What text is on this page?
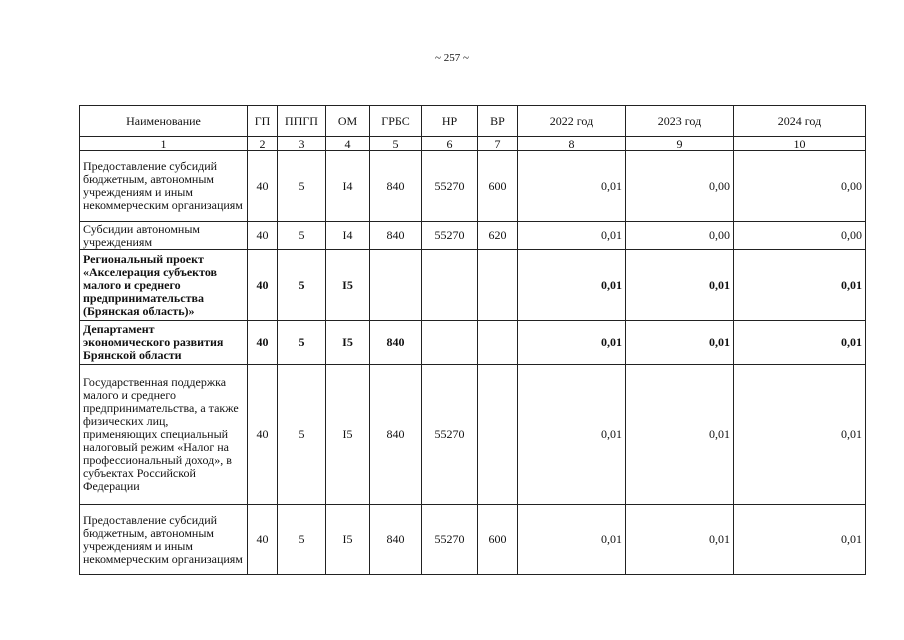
~ 257 ~
Наименование	ГП	ППГП	ОМ	ГРБС	НР	ВР	2022 год	2023 год	2024 год
1	2	3	4	5	6	7	8	9	10
Предоставление субсидий бюджетным, автономным учреждениям и иным некоммерческим организациям	40	5	I4	840	55270	600	0,01	0,00	0,00
Субсидии автономным учреждениям	40	5	I4	840	55270	620	0,01	0,00	0,00
Региональный проект «Акселерация субъектов малого и среднего предпринимательства (Брянская область)»	40	5	I5				0,01	0,01	0,01
Департамент экономического развития Брянской области	40	5	I5	840			0,01	0,01	0,01
Государственная поддержка малого и среднего предпринимательства, а также физических лиц, применяющих специальный налоговый режим «Налог на профессиональный доход», в субъектах Российской Федерации	40	5	I5	840	55270		0,01	0,01	0,01
Предоставление субсидий бюджетным, автономным учреждениям и иным некоммерческим организациям	40	5	I5	840	55270	600	0,01	0,01	0,01
